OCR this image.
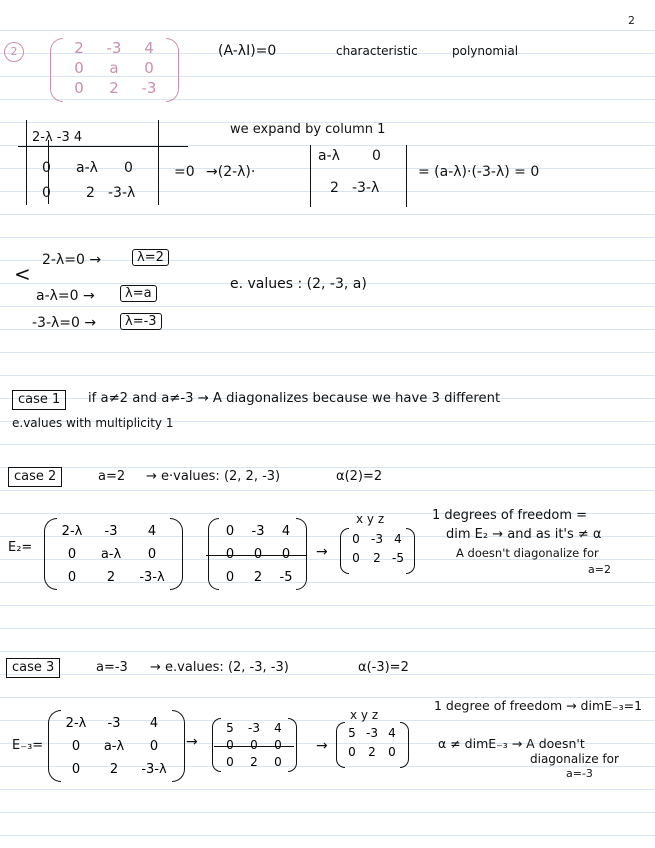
2
2	2	-3	4
0	a	0
0	2	-3
(A-λI)=0	characteristic	polynomial
2-λ -3 4
0 a-λ 0
0	2 -3-λ
=0
we expand by column 1
→(2-λ)·
a-λ 0
2 -3-λ
= (a-λ)·(-3-λ) = 0
<
2-λ=0 →	λ=2
a-λ=0 →	λ=a
-3-λ=0 →	λ=-3
e. values : (2, -3, a)
case 1	if a≠2 and a≠-3 → A diagonalizes because we have 3 different
e.values with multiplicity 1
case 2	a=2 → e·values: (2, 2, -3)	α(2)=2
E₂=
2-λ	-3	4
0	a-λ	0
0	2	-3-λ
0	-3	4
0	0	0
0	2	-5
→
x y z
0 -3 4
0	2 -5
1 degrees of freedom =
dim E₂ → and as it's ≠ α
A doesn't diagonalize for
a=2
case 3	a=-3 → e.values: (2, -3, -3)	α(-3)=2
E₋₃=
2-λ	-3	4
0	a-λ	0
0	2	-3-λ
→
5	-3	4
0	0	0
0	2	0
→
x y z
5 -3 4
0	2	0
1 degree of freedom → dimE₋₃=1
α ≠ dimE₋₃ → A doesn't
diagonalize for
a=-3
